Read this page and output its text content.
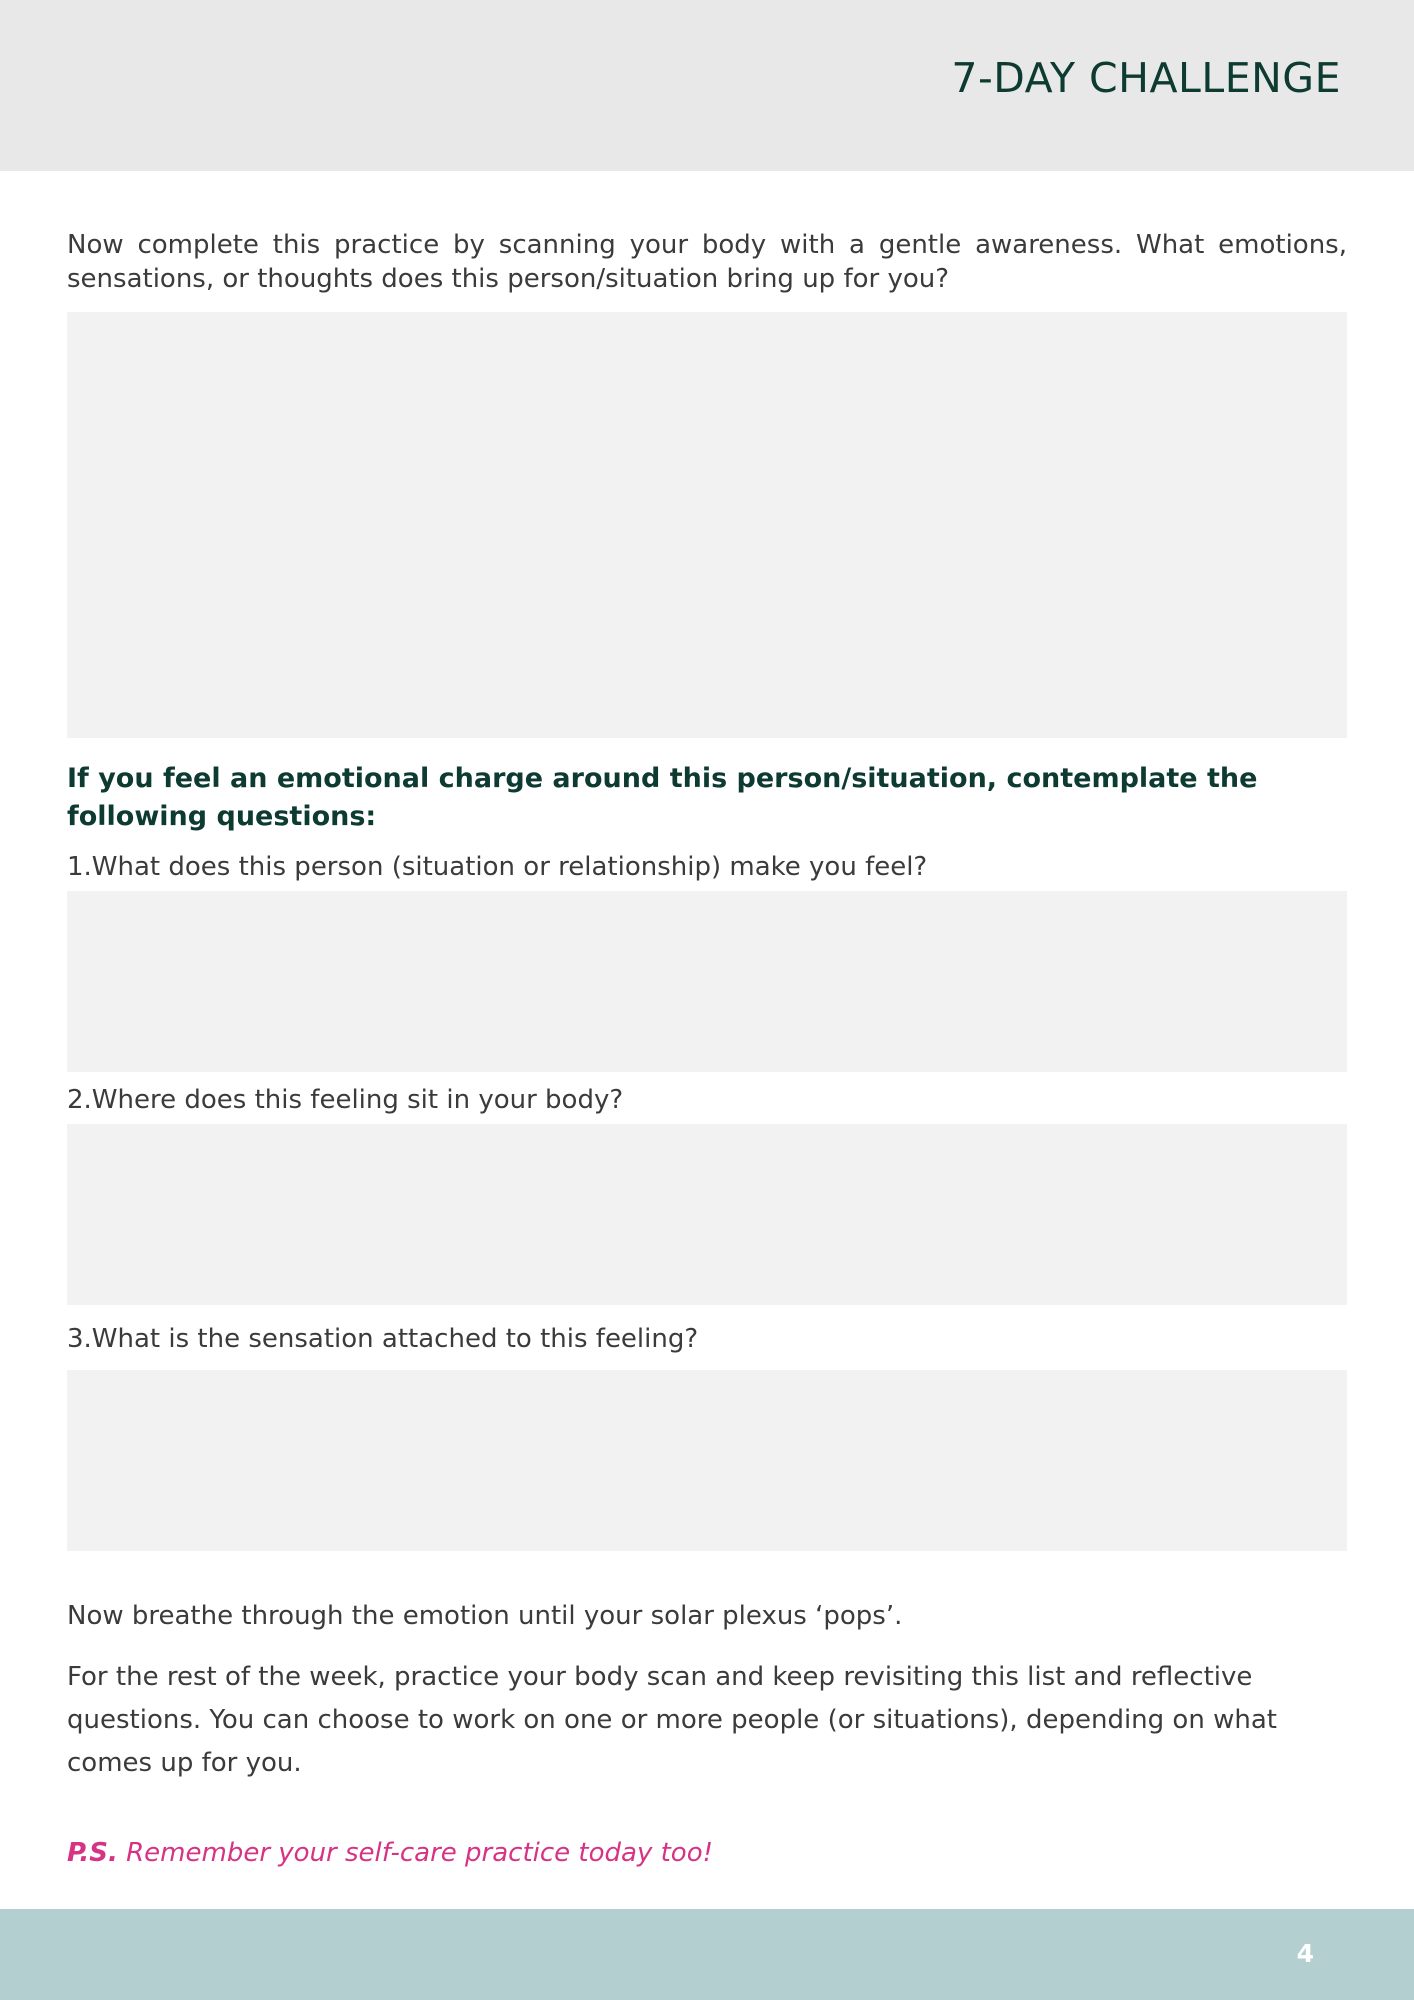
7-DAY CHALLENGE
Now complete this practice by scanning your body with a gentle awareness. What emotions, sensations, or thoughts does this person/situation bring up for you?
If you feel an emotional charge around this person/situation, contemplate the following questions:
1.What does this person (situation or relationship) make you feel?
2.Where does this feeling sit in your body?
3.What is the sensation attached to this feeling?
Now breathe through the emotion until your solar plexus ‘pops’.
For the rest of the week, practice your body scan and keep revisiting this list and reflective questions. You can choose to work on one or more people (or situations), depending on what comes up for you.
P.S. Remember your self-care practice today too!
4
